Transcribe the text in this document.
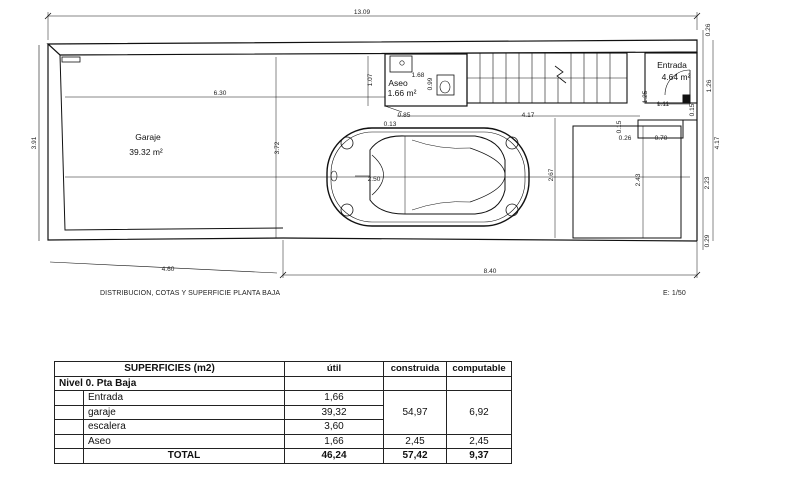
13.09
0.26
3.91
6.30
3.72
2.50	2.67
1.07	1.68
0.99
0.85	4.17
0.13
1.26
1.11
1.25
0.15
0.26	0.70
0.15
4.17
2.23
0.29
2.43
4.60	8.40
Garaje
39.32 m²
Aseo
1.66 m²
Entrada
4.64 m²
DISTRIBUCION, COTAS Y SUPERFICIE PLANTA BAJA	E: 1/50
SUPERFICIES (m2)		útil	construida	computable
Nivel 0. Pta Baja				
	Entrada	1,66	54,97	6,92
	garaje	39,32		
	escalera	3,60		
	Aseo	1,66	2,45	2,45
	TOTAL	46,24	57,42	9,37
